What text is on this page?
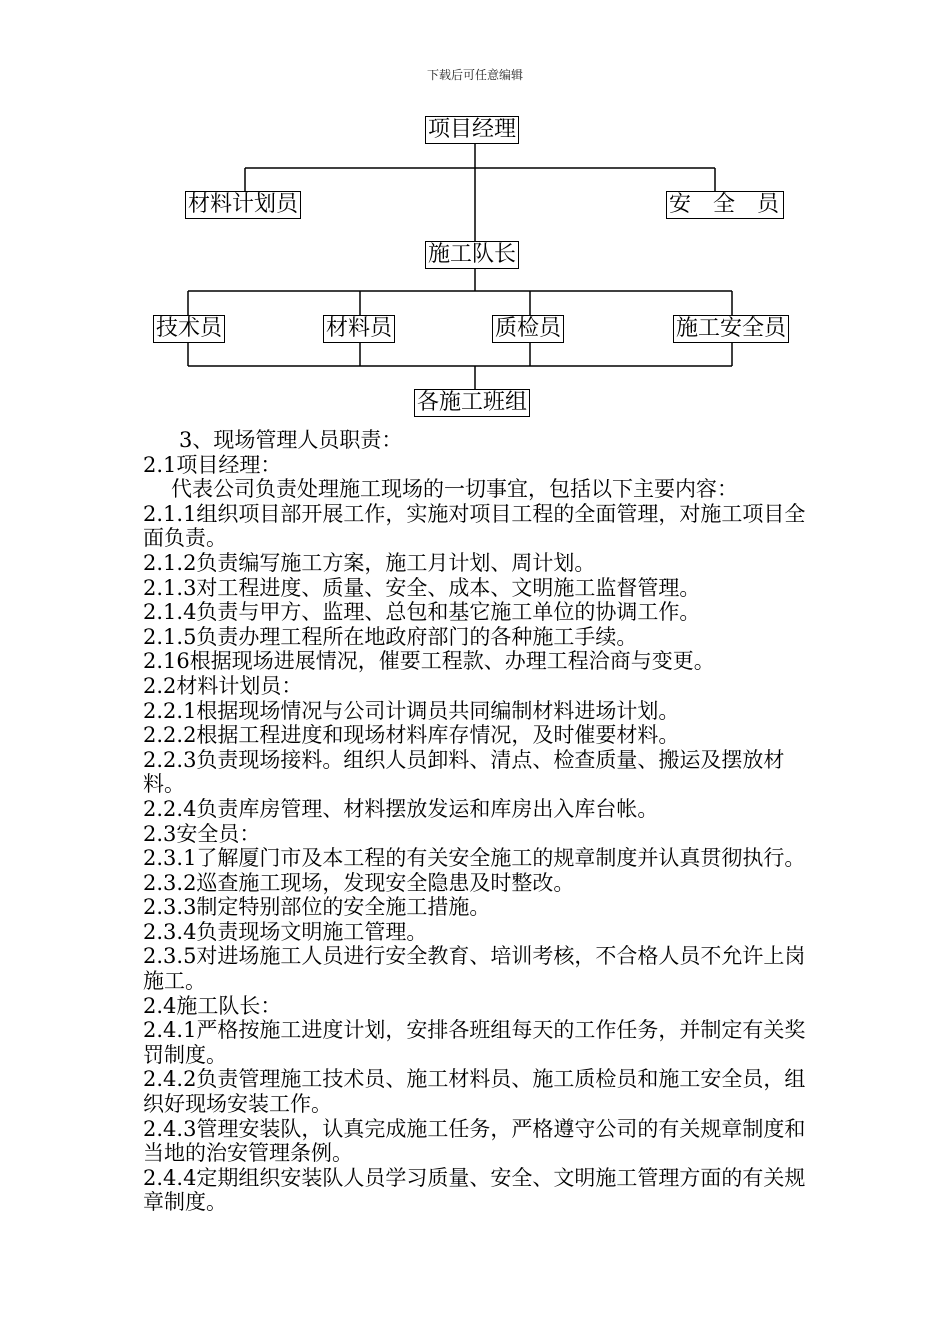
下载后可任意编辑
项目经理
材料计划员	安　全　员
施工队长
技术员	材料员	质检员	施工安全员
各施工班组

3、现场管理人员职责：

2.1项目经理：

代表公司负责处理施工现场的一切事宜，包括以下主要内容：

2.1.1组织项目部开展工作，实施对项目工程的全面管理，对施工项目全面负责。

2.1.2负责编写施工方案，施工月计划、周计划。

2.1.3对工程进度、质量、安全、成本、文明施工监督管理。

2.1.4负责与甲方、监理、总包和基它施工单位的协调工作。

2.1.5负责办理工程所在地政府部门的各种施工手续。

2.16根据现场进展情况，催要工程款、办理工程洽商与变更。

2.2材料计划员：

2.2.1根据现场情况与公司计调员共同编制材料进场计划。

2.2.2根据工程进度和现场材料库存情况，及时催要材料。

2.2.3负责现场接料。组织人员卸料、清点、检查质量、搬运及摆放材料。

2.2.4负责库房管理、材料摆放发运和库房出入库台帐。

2.3安全员：

2.3.1了解厦门市及本工程的有关安全施工的规章制度并认真贯彻执行。

2.3.2巡查施工现场，发现安全隐患及时整改。

2.3.3制定特别部位的安全施工措施。

2.3.4负责现场文明施工管理。

2.3.5对进场施工人员进行安全教育、培训考核，不合格人员不允许上岗施工。

2.4施工队长：

2.4.1严格按施工进度计划，安排各班组每天的工作任务，并制定有关奖罚制度。

2.4.2负责管理施工技术员、施工材料员、施工质检员和施工安全员，组织好现场安装工作。

2.4.3管理安装队，认真完成施工任务，严格遵守公司的有关规章制度和当地的治安管理条例。

2.4.4定期组织安装队人员学习质量、安全、文明施工管理方面的有关规章制度。
